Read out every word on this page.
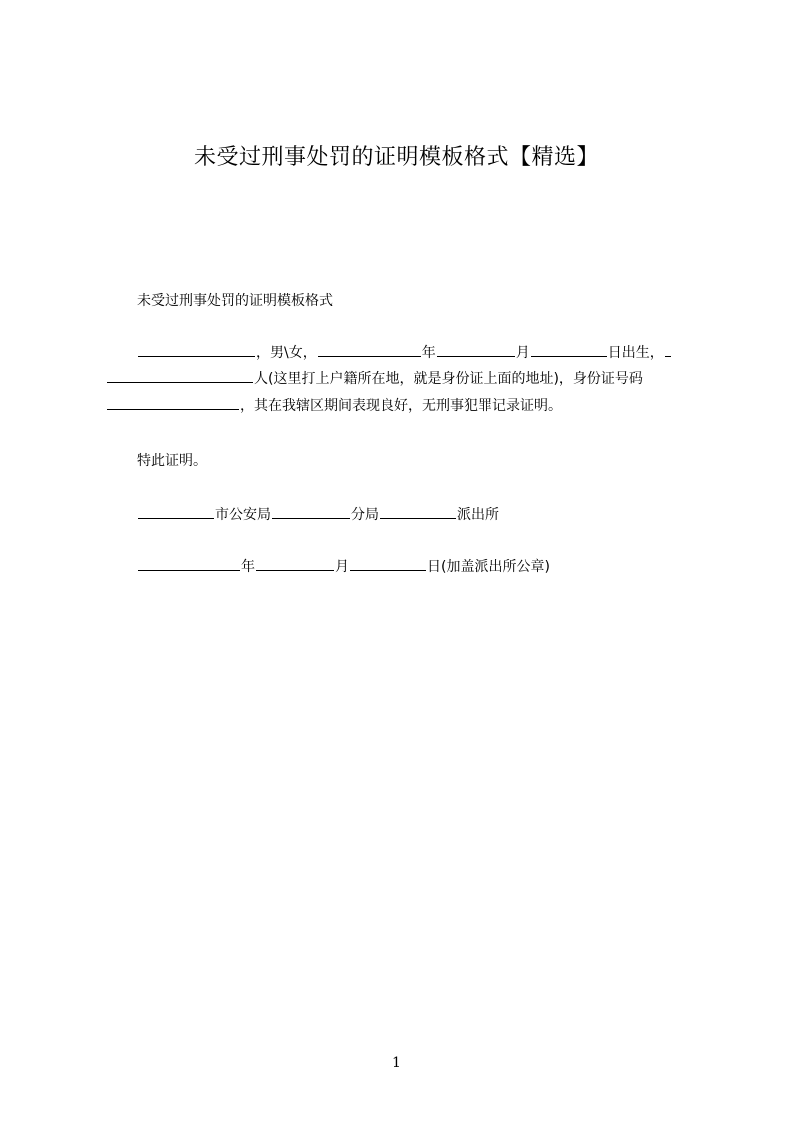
未受过刑事处罚的证明模板格式【精选】
未受过刑事处罚的证明模板格式
，男\女，	年	月	日出生，
人(这里打上户籍所在地，就是身份证上面的地址)，身份证号码
，其在我辖区期间表现良好，无刑事犯罪记录证明。
特此证明。
市公安局	分局	派出所
年	月	日(加盖派出所公章)
1
